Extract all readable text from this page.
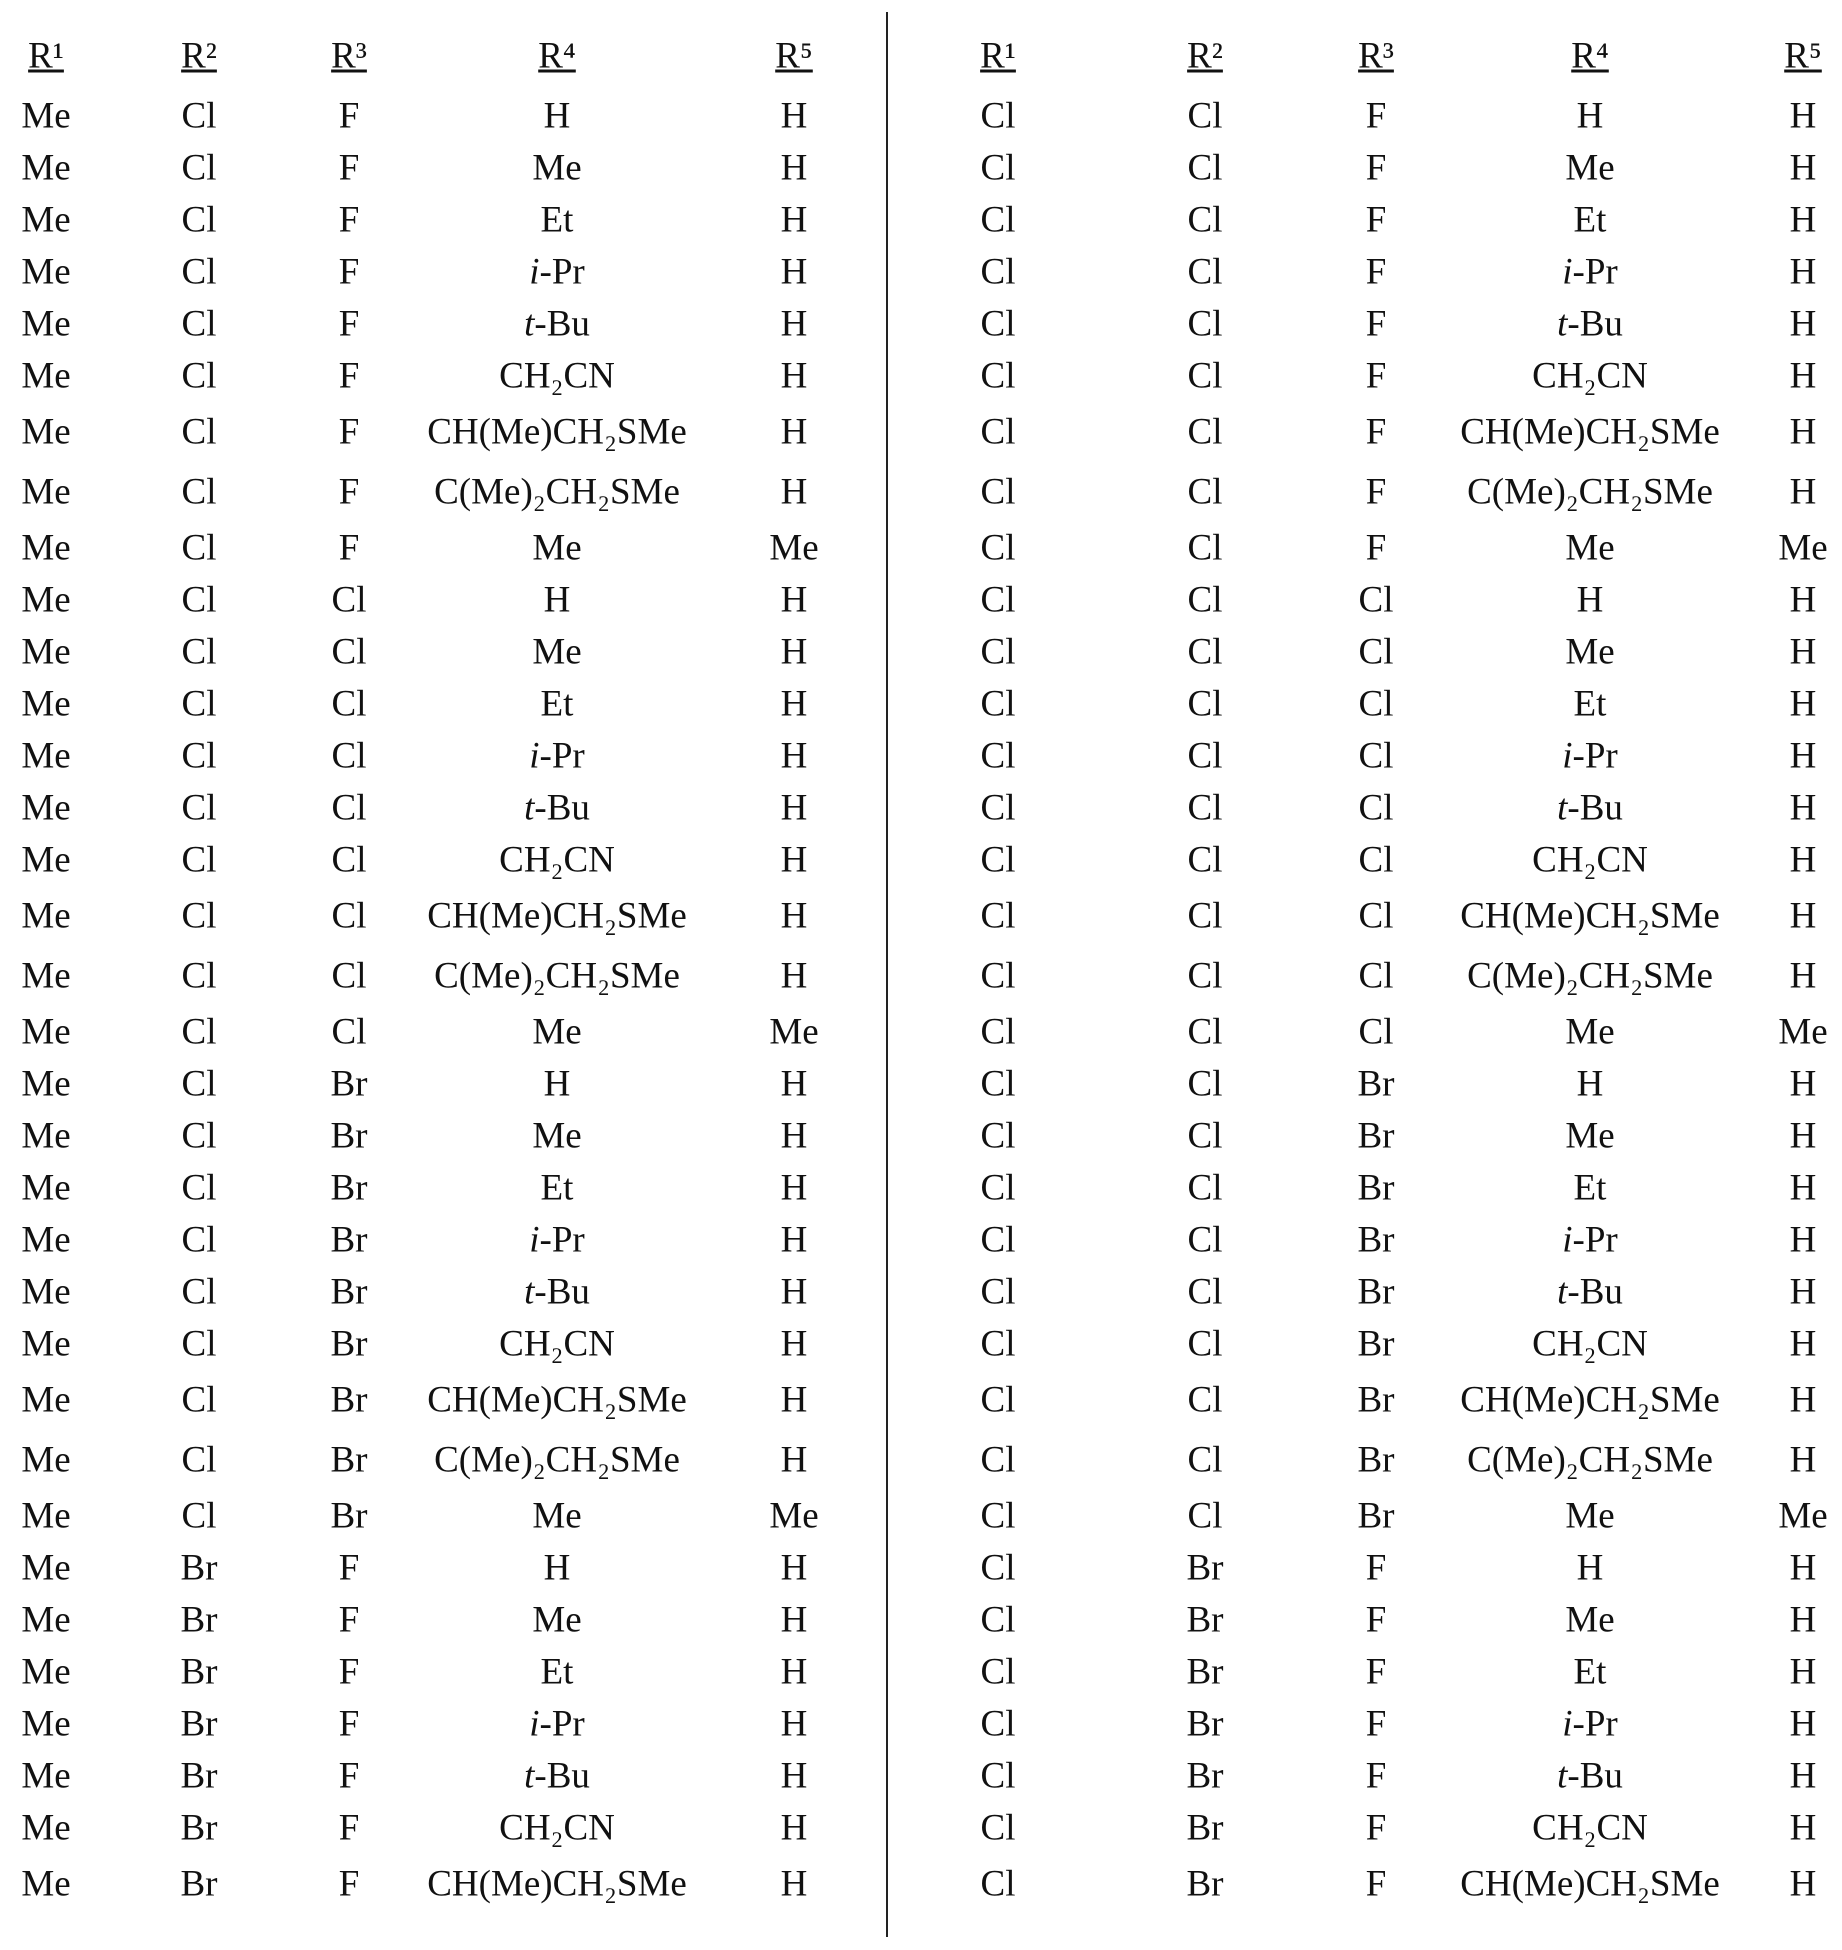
R¹	R²	R³	R⁴	R⁵
Me	Cl	F	H	H
Me	Cl	F	Me	H
Me	Cl	F	Et	H
Me	Cl	F	i-Pr	H
Me	Cl	F	t-Bu	H
Me	Cl	F	CH₂CN	H
Me	Cl	F CH(Me)CH₂SMe	H
Me	Cl	F C(Me)₂CH₂SMe	H
Me	Cl	F	Me	Me
Me	Cl	Cl	H	H
Me	Cl	Cl	Me	H
Me	Cl	Cl	Et	H
Me	Cl	Cl	i-Pr	H
Me	Cl	Cl	t-Bu	H
Me	Cl	Cl	CH₂CN	H
Me	Cl	Cl CH(Me)CH₂SMe	H
Me	Cl	Cl C(Me)₂CH₂SMe	H
Me	Cl	Cl	Me	Me
Me	Cl	Br	H	H
Me	Cl	Br	Me	H
Me	Cl	Br	Et	H
Me	Cl	Br	i-Pr	H
Me	Cl	Br	t-Bu	H
Me	Cl	Br	CH₂CN	H
Me	Cl	Br CH(Me)CH₂SMe	H
Me	Cl	Br C(Me)₂CH₂SMe	H
Me	Cl	Br	Me	Me
Me	Br	F	H	H
Me	Br	F	Me	H
Me	Br	F	Et	H
Me	Br	F	i-Pr	H
Me	Br	F	t-Bu	H
Me	Br	F	CH₂CN	H
Me	Br	F CH(Me)CH₂SMe	H
R¹	R²	R³	R⁴	R⁵
Cl	Cl	F	H	H
Cl	Cl	F	Me	H
Cl	Cl	F	Et	H
Cl	Cl	F	i-Pr	H
Cl	Cl	F	t-Bu	H
Cl	Cl	F	CH₂CN	H
Cl	Cl	F CH(Me)CH₂SMe H
Cl	Cl	F C(Me)₂CH₂SMe H
Cl	Cl	F	Me	Me
Cl	Cl	Cl	H	H
Cl	Cl	Cl	Me	H
Cl	Cl	Cl	Et	H
Cl	Cl	Cl	i-Pr	H
Cl	Cl	Cl	t-Bu	H
Cl	Cl	Cl	CH₂CN	H
Cl	Cl	Cl CH(Me)CH₂SMe H
Cl	Cl	Cl C(Me)₂CH₂SMe H
Cl	Cl	Cl	Me	Me
Cl	Cl	Br	H	H
Cl	Cl	Br	Me	H
Cl	Cl	Br	Et	H
Cl	Cl	Br	i-Pr	H
Cl	Cl	Br	t-Bu	H
Cl	Cl	Br	CH₂CN	H
Cl	Cl	Br CH(Me)CH₂SMe H
Cl	Cl	Br C(Me)₂CH₂SMe H
Cl	Cl	Br	Me	Me
Cl	Br	F	H	H
Cl	Br	F	Me	H
Cl	Br	F	Et	H
Cl	Br	F	i-Pr	H
Cl	Br	F	t-Bu	H
Cl	Br	F	CH₂CN	H
Cl	Br	F CH(Me)CH₂SMe H
